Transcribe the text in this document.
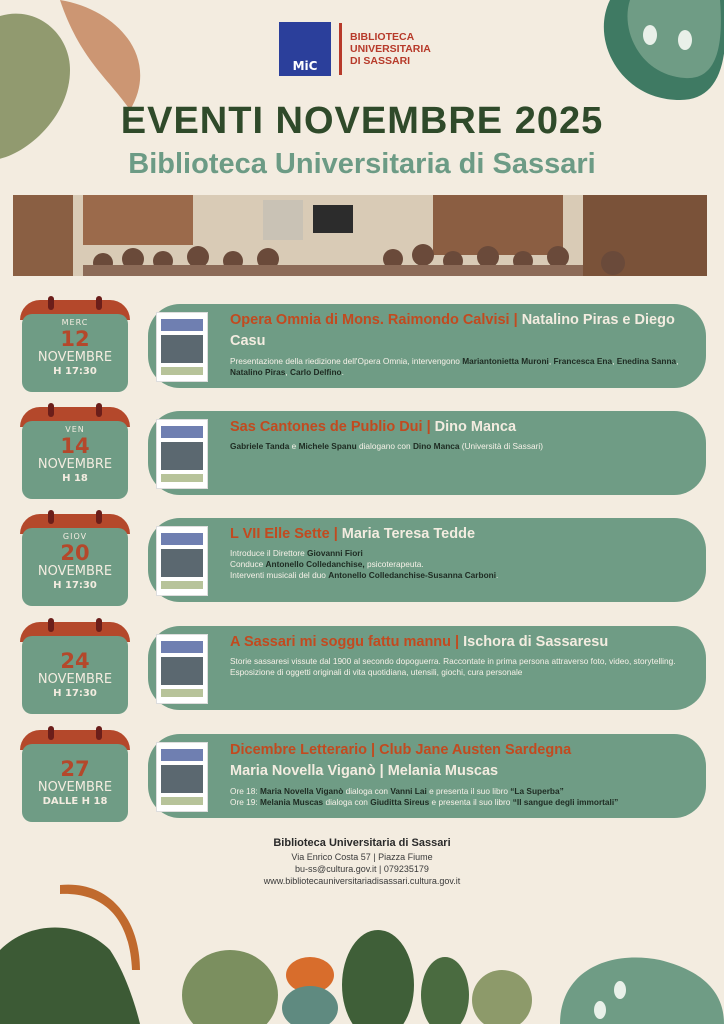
MiC
BIBLIOTECA
UNIVERSITARIA
DI SASSARI
EVENTI NOVEMBRE 2025
Biblioteca Universitaria di Sassari
MERC
12
NOVEMBRE
H 17:30
Opera Omnia di Mons. Raimondo Calvisi | Natalino Piras e Diego Casu
Presentazione della riedizione dell'Opera Omnia, intervengono Mariantonietta Muroni, Francesca Ena, Enedina Sanna, Natalino Piras, Carlo Delfino.
VEN
14
NOVEMBRE
H 18
Sas Cantones de Publio Dui | Dino Manca
Gabriele Tanda e Michele Spanu dialogano con Dino Manca (Università di Sassari)
GIOV
20
NOVEMBRE
H 17:30
L VII Elle Sette | Maria Teresa Tedde
Introduce il Direttore Giovanni Fiori
Conduce Antonello Colledanchise, psicoterapeuta.
Interventi musicali del duo Antonello Colledanchise-Susanna Carboni.
24
NOVEMBRE
H 17:30
A Sassari mi soggu fattu mannu | Ischora di Sassaresu
Storie sassaresi vissute dal 1900 al secondo dopoguerra. Raccontate in prima persona attraverso foto, video, storytelling. Esposizione di oggetti originali di vita quotidiana, utensili, giochi, cura personale
27
NOVEMBRE
DALLE H 18
Dicembre Letterario | Club Jane Austen Sardegna
Maria Novella Viganò | Melania Muscas
Ore 18: Maria Novella Viganò dialoga con Vanni Lai e presenta il suo libro “La Superba”
Ore 19: Melania Muscas dialoga con Giuditta Sireus e presenta il suo libro “Il sangue degli immortali”
Biblioteca Universitaria di Sassari
Via Enrico Costa 57 | Piazza Fiume
bu-ss@cultura.gov.it | 079235179
www.bibliotecauniversitariadisassari.cultura.gov.it
